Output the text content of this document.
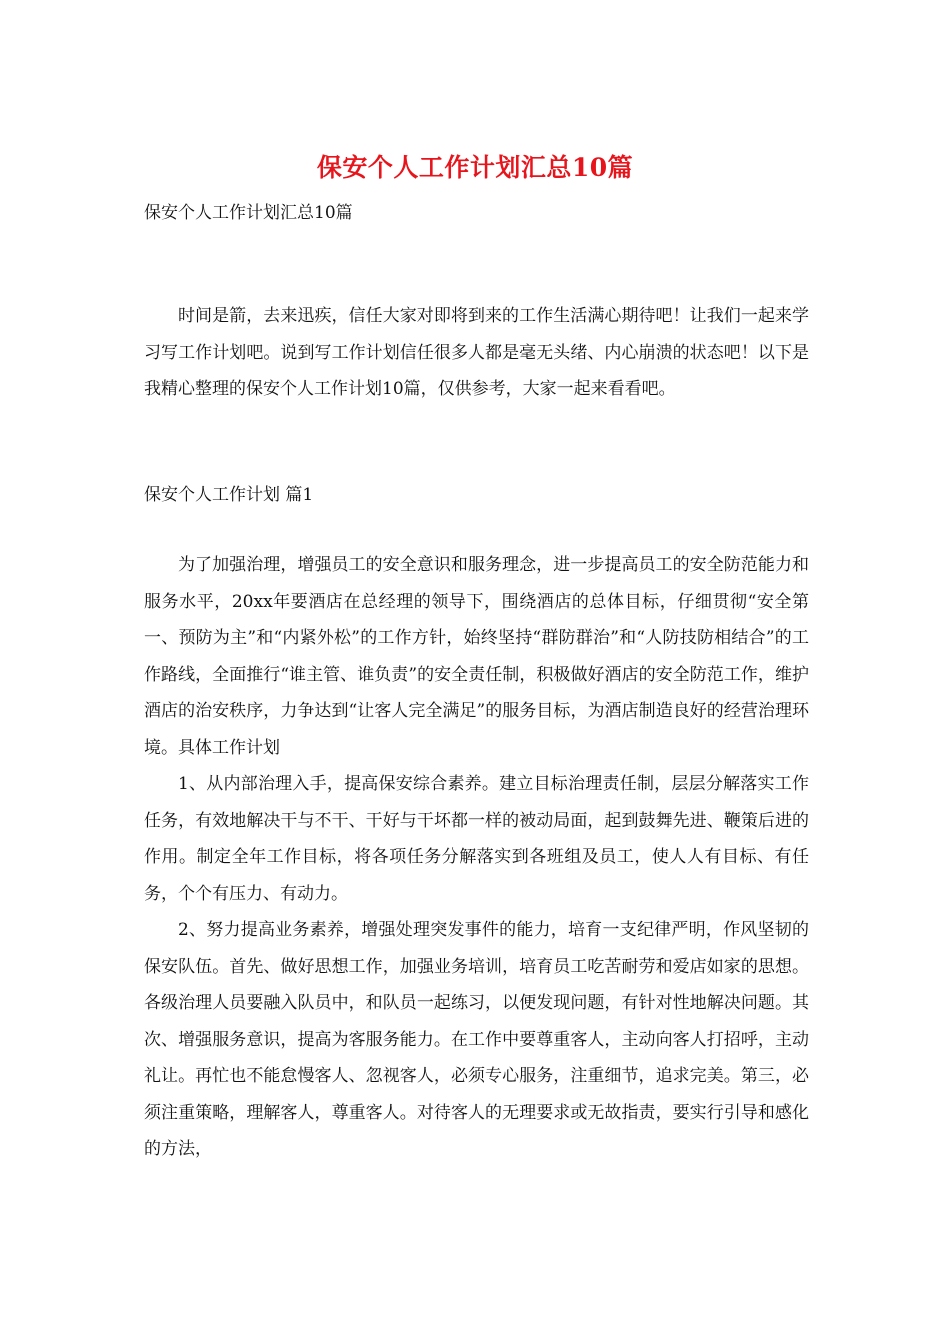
保安个人工作计划汇总10篇
保安个人工作计划汇总10篇

时间是箭，去来迅疾，信任大家对即将到来的工作生活满心期待吧！让我们一起来学习写工作计划吧。说到写工作计划信任很多人都是毫无头绪、内心崩溃的状态吧！以下是我精心整理的保安个人工作计划10篇，仅供参考，大家一起来看看吧。

保安个人工作计划 篇1

为了加强治理，增强员工的安全意识和服务理念，进一步提高员工的安全防范能力和服务水平，20xx年要酒店在总经理的领导下，围绕酒店的总体目标，仔细贯彻“安全第一、预防为主”和“内紧外松”的工作方针，始终坚持“群防群治”和“人防技防相结合”的工作路线，全面推行“谁主管、谁负责”的安全责任制，积极做好酒店的安全防范工作，维护酒店的治安秩序，力争达到“让客人完全满足”的服务目标，为酒店制造良好的经营治理环境。具体工作计划

1、从内部治理入手，提高保安综合素养。建立目标治理责任制，层层分解落实工作任务，有效地解决干与不干、干好与干坏都一样的被动局面，起到鼓舞先进、鞭策后进的作用。制定全年工作目标，将各项任务分解落实到各班组及员工，使人人有目标、有任务，个个有压力、有动力。

2、努力提高业务素养，增强处理突发事件的能力，培育一支纪律严明，作风坚韧的保安队伍。首先、做好思想工作，加强业务培训，培育员工吃苦耐劳和爱店如家的思想。各级治理人员要融入队员中，和队员一起练习，以便发现问题，有针对性地解决问题。其次、增强服务意识，提高为客服务能力。在工作中要尊重客人，主动向客人打招呼，主动礼让。再忙也不能怠慢客人、忽视客人，必须专心服务，注重细节，追求完美。第三，必须注重策略，理解客人，尊重客人。对待客人的无理要求或无故指责，要实行引导和感化的方法，
